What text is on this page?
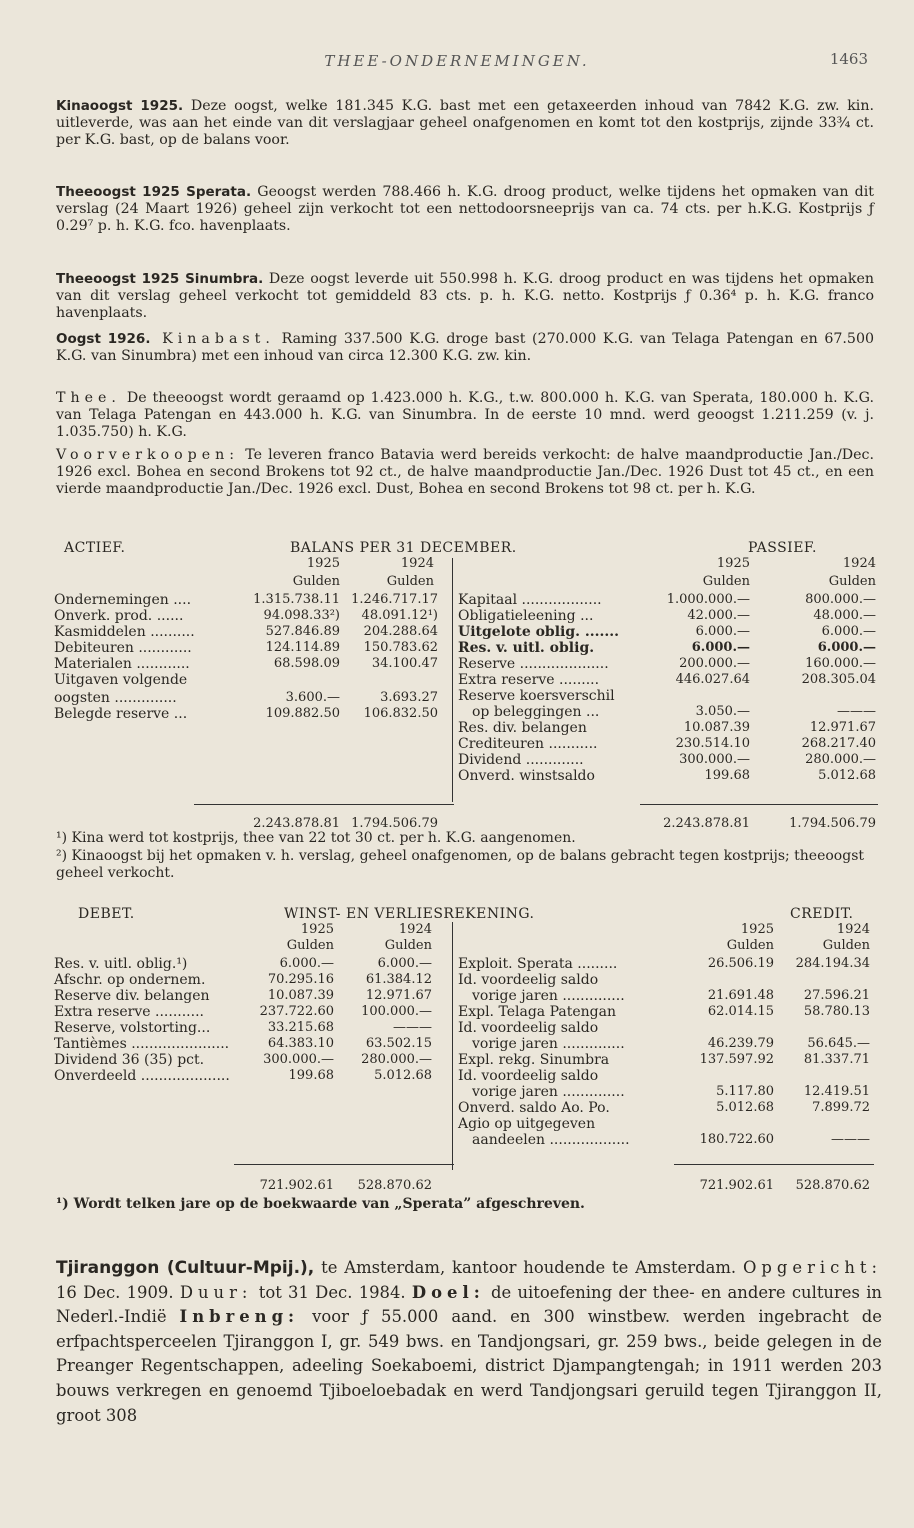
THEE-ONDERNEMINGEN.	1463
Kinaoogst 1925. Deze oogst, welke 181.345 K.G. bast met een getaxeerden inhoud van 7842 K.G. zw. kin. uitleverde, was aan het einde van dit verslagjaar geheel onafgenomen en komt tot den kostprijs, zijnde 33¾ ct. per K.G. bast, op de balans voor.
Theeoogst 1925 Sperata. Geoogst werden 788.466 h. K.G. droog product, welke tijdens het opmaken van dit verslag (24 Maart 1926) geheel zijn verkocht tot een nettodoorsneeprijs van ca. 74 cts. per h.K.G. Kostprijs ƒ 0.29⁷ p. h. K.G. fco. havenplaats.
Theeoogst 1925 Sinumbra. Deze oogst leverde uit 550.998 h. K.G. droog product en was tijdens het opmaken van dit verslag geheel verkocht tot gemiddeld 83 cts. p. h. K.G. netto. Kostprijs ƒ 0.36⁴ p. h. K.G. franco havenplaats.
Oogst 1926. Kinabast. Raming 337.500 K.G. droge bast (270.000 K.G. van Telaga Patengan en 67.500 K.G. van Sinumbra) met een inhoud van circa 12.300 K.G. zw. kin.
Thee. De theeoogst wordt geraamd op 1.423.000 h. K.G., t.w. 800.000 h. K.G. van Sperata, 180.000 h. K.G. van Telaga Patengan en 443.000 h. K.G. van Sinumbra. In de eerste 10 mnd. werd geoogst 1.211.259 (v. j. 1.035.750) h. K.G.
Voorverkoopen: Te leveren franco Batavia werd bereids verkocht: de halve maandproductie Jan./Dec. 1926 excl. Bohea en second Brokens tot 92 ct., de halve maandproductie Jan./Dec. 1926 Dust tot 45 ct., en een vierde maandproductie Jan./Dec. 1926 excl. Dust, Bohea en second Brokens tot 98 ct. per h. K.G.
ACTIEF.	BALANS PER 31 DECEMBER.	PASSIEF.
1925	1924	1925	1924
Gulden	Gulden	Gulden	Gulden
Ondernemingen ....	1.315.738.11 1.246.717.17
Onverk. prod. ......	94.098.33²)	48.091.12¹)
Kasmiddelen ..........	527.846.89	204.288.64
Debiteuren ............	124.114.89	150.783.62
Materialen ............	68.598.09	34.100.47
Uitgaven volgende
oogsten ..............	3.600.—	3.693.27
Belegde reserve ...	109.882.50	106.832.50
Kapitaal ..................	1.000.000.—	800.000.—
Obligatieleening ...	42.000.—	48.000.—
Uitgelote oblig. .......	6.000.—	6.000.—
Res. v. uitl. oblig.	6.000.—	6.000.—
Reserve ....................	200.000.—	160.000.—
Extra reserve .........	446.027.64	208.305.04
Reserve koersverschil
op beleggingen ...	3.050.—	———
Res. div. belangen	10.087.39	12.971.67
Crediteuren ...........	230.514.10	268.217.40
Dividend .............	300.000.—	280.000.—
Onverd. winstsaldo	199.68	5.012.68
2.243.878.81 1.794.506.79	2.243.878.81	1.794.506.79
¹) Kina werd tot kostprijs, thee van 22 tot 30 ct. per h. K.G. aangenomen.
²) Kinaoogst bij het opmaken v. h. verslag, geheel onafgenomen, op de balans gebracht tegen kostprijs; theeoogst geheel verkocht.
DEBET.	WINST- EN VERLIESREKENING.	CREDIT.
1925	1924	1925	1924
Gulden	Gulden	Gulden	Gulden
Res. v. uitl. oblig.¹)	6.000.—	6.000.—
Afschr. op ondernem.	70.295.16	61.384.12
Reserve div. belangen	10.087.39	12.971.67
Extra reserve ...........	237.722.60	100.000.—
Reserve, volstorting...	33.215.68	———
Tantièmes ......................	64.383.10	63.502.15
Dividend 36 (35) pct.	300.000.—	280.000.—
Onverdeeld ....................	199.68	5.012.68
Exploit. Sperata .........	26.506.19	284.194.34
Id. voordeelig saldo
vorige jaren ..............	21.691.48	27.596.21
Expl. Telaga Patengan	62.014.15	58.780.13
Id. voordeelig saldo
vorige jaren ..............	46.239.79	56.645.—
Expl. rekg. Sinumbra	137.597.92	81.337.71
Id. voordeelig saldo
vorige jaren ..............	5.117.80	12.419.51
Onverd. saldo Ao. Po.	5.012.68	7.899.72
Agio op uitgegeven
aandeelen ..................	180.722.60	———
721.902.61	528.870.62	721.902.61	528.870.62
¹) Wordt telken jare op de boekwaarde van „Sperata” afgeschreven.
Tjiranggon (Cultuur-Mpij.), te Amsterdam, kantoor houdende te Amsterdam. Opgericht: 16 Dec. 1909. Duur: tot 31 Dec. 1984. Doel: de uitoefening der thee- en andere cultures in Nederl.-Indië Inbreng: voor ƒ 55.000 aand. en 300 winstbew. werden ingebracht de erfpachtsperceelen Tjiranggon I, gr. 549 bws. en Tandjongsari, gr. 259 bws., beide gelegen in de Preanger Regentschappen, adeeling Soekaboemi, district Djampangtengah; in 1911 werden 203 bouws verkregen en genoemd Tjiboeloebadak en werd Tandjongsari geruild tegen Tjiranggon II, groot 308
